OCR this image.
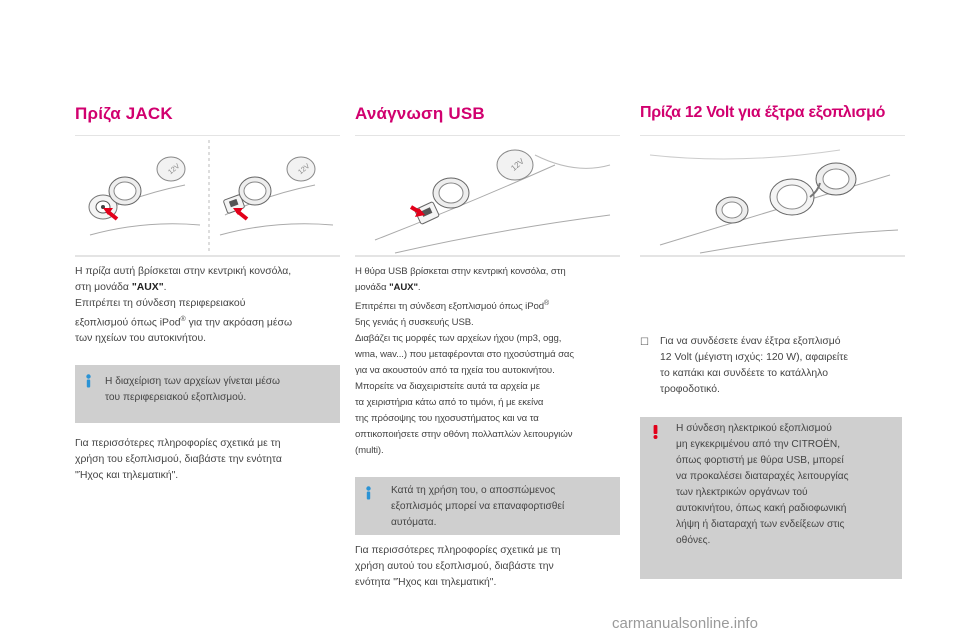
Πρίζα JACK
12V	12V

Η πρίζα αυτή βρίσκεται στην κεντρική κονσόλα,
στη μονάδα "AUX".
Επιτρέπει τη σύνδεση περιφερειακού
εξοπλισμού όπως iPod® για την ακρόαση μέσω
των ηχείων του αυτοκινήτου.

Η διαχείριση των αρχείων γίνεται μέσω
του περιφερειακού εξοπλισμού.

Για περισσότερες πληροφορίες σχετικά με τη
χρήση του εξοπλισμού, διαβάστε την ενότητα
"Ήχος και τηλεματική".

Ανάγνωση USB
12V

Η θύρα USB βρίσκεται στην κεντρική κονσόλα, στη
μονάδα "AUX".
Επιτρέπει τη σύνδεση εξοπλισμού όπως iPod®
5ης γενιάς ή συσκευής USB.
Διαβάζει τις μορφές των αρχείων ήχου (mp3, ogg,
wma, wav...) που μεταφέρονται στο ηχοσύστημά σας
για να ακουστούν από τα ηχεία του αυτοκινήτου.
Μπορείτε να διαχειριστείτε αυτά τα αρχεία με
τα χειριστήρια κάτω από το τιμόνι, ή με εκείνα
της πρόσοψης του ηχοσυστήματος και να τα
οπτικοποιήσετε στην οθόνη πολλαπλών λειτουργιών
(multi).

Κατά τη χρήση του, ο αποσπώμενος
εξοπλισμός μπορεί να επαναφορτισθεί
αυτόματα.

Για περισσότερες πληροφορίες σχετικά με τη
χρήση αυτού του εξοπλισμού, διαβάστε την
ενότητα "Ήχος και τηλεματική".

Πρίζα 12 Volt για έξτρα εξοπλισμό
☐ Για να συνδέσετε έναν έξτρα εξοπλισμό
12 Volt (μέγιστη ισχύς: 120 W), αφαιρείτε
το καπάκι και συνδέετε το κατάλληλο
τροφοδοτικό.

Η σύνδεση ηλεκτρικού εξοπλισμού
μη εγκεκριμένου από την CITROËN,
όπως φορτιστή με θύρα USB, μπορεί
να προκαλέσει διαταραχές λειτουργίας
των ηλεκτρικών οργάνων τού
αυτοκινήτου, όπως κακή ραδιοφωνική
λήψη ή διαταραχή των ενδείξεων στις
οθόνες.

carmanualsonline.info
